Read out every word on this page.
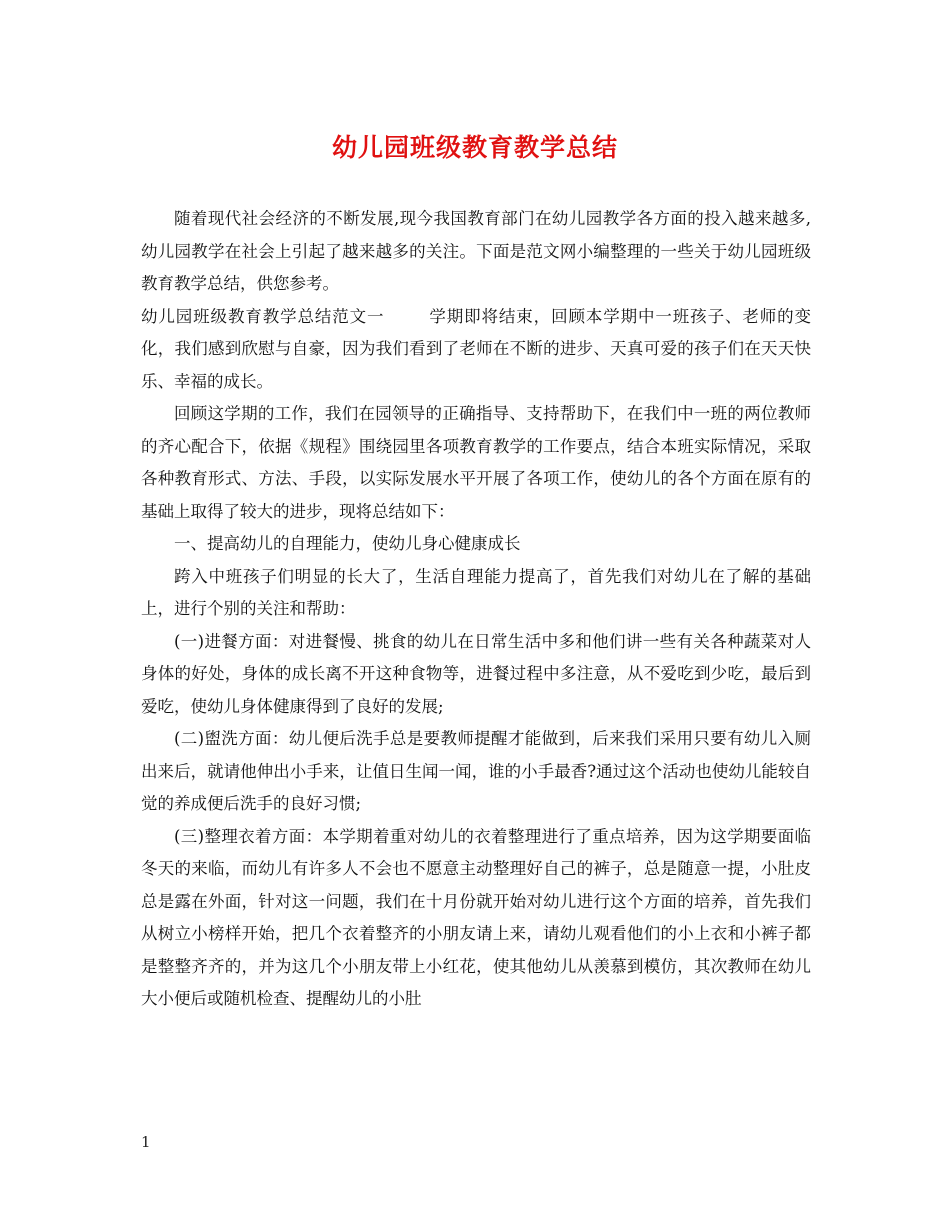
幼儿园班级教育教学总结

随着现代社会经济的不断发展,现今我国教育部门在幼儿园教学各方面的投入越来越多,幼儿园教学在社会上引起了越来越多的关注。下面是范文网小编整理的一些关于幼儿园班级教育教学总结，供您参考。

幼儿园班级教育教学总结范文一	学期即将结束，回顾本学期中一班孩子、老师的变化，我们感到欣慰与自豪，因为我们看到了老师在不断的进步、天真可爱的孩子们在天天快乐、幸福的成长。

回顾这学期的工作，我们在园领导的正确指导、支持帮助下，在我们中一班的两位教师的齐心配合下，依据《规程》围绕园里各项教育教学的工作要点，结合本班实际情况，采取各种教育形式、方法、手段，以实际发展水平开展了各项工作，使幼儿的各个方面在原有的基础上取得了较大的进步，现将总结如下：

一、提高幼儿的自理能力，使幼儿身心健康成长

跨入中班孩子们明显的长大了，生活自理能力提高了，首先我们对幼儿在了解的基础上，进行个别的关注和帮助：

(一)进餐方面：对进餐慢、挑食的幼儿在日常生活中多和他们讲一些有关各种蔬菜对人身体的好处，身体的成长离不开这种食物等，进餐过程中多注意，从不爱吃到少吃，最后到爱吃，使幼儿身体健康得到了良好的发展;

(二)盥洗方面：幼儿便后洗手总是要教师提醒才能做到，后来我们采用只要有幼儿入厕出来后，就请他伸出小手来，让值日生闻一闻，谁的小手最香?通过这个活动也使幼儿能较自觉的养成便后洗手的良好习惯;

(三)整理衣着方面：本学期着重对幼儿的衣着整理进行了重点培养，因为这学期要面临冬天的来临，而幼儿有许多人不会也不愿意主动整理好自己的裤子，总是随意一提，小肚皮总是露在外面，针对这一问题，我们在十月份就开始对幼儿进行这个方面的培养，首先我们从树立小榜样开始，把几个衣着整齐的小朋友请上来，请幼儿观看他们的小上衣和小裤子都是整整齐齐的，并为这几个小朋友带上小红花，使其他幼儿从羡慕到模仿，其次教师在幼儿大小便后或随机检查、提醒幼儿的小肚

1
